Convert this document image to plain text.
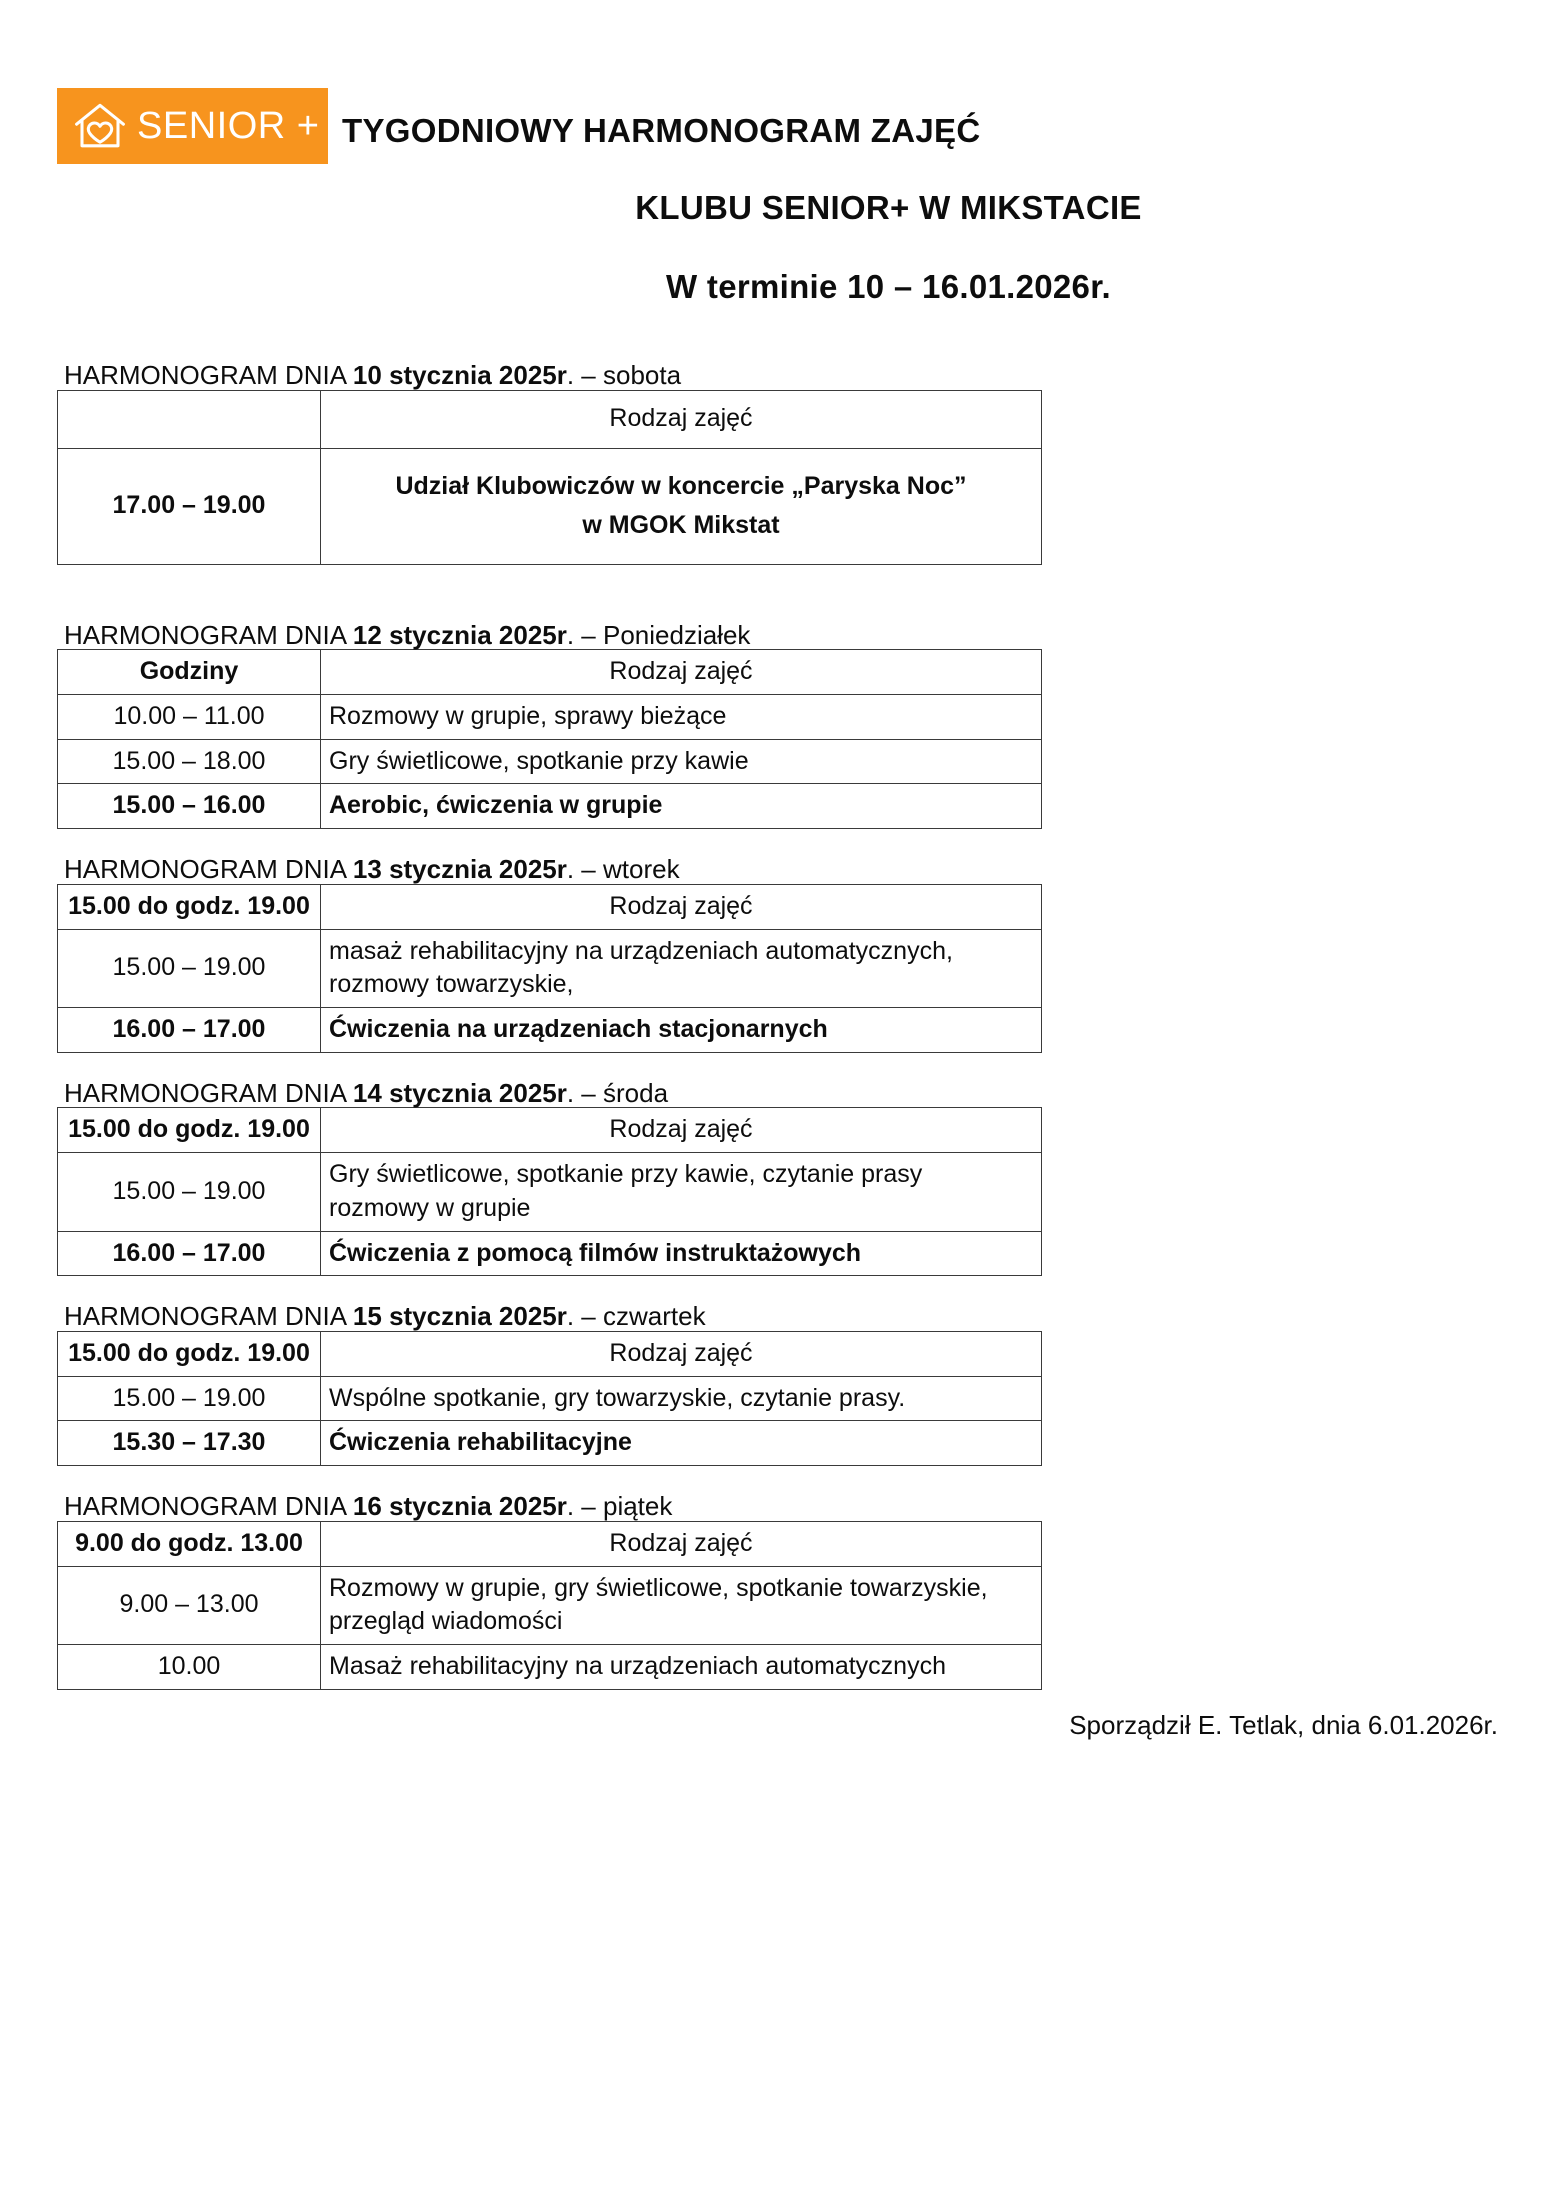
SENIOR + TYGODNIOWY HARMONOGRAM ZAJĘĆ
KLUBU SENIOR+ W MIKSTACIE
W terminie 10 – 16.01.2026r.
HARMONOGRAM DNIA 10 stycznia 2025r. – sobota
	Rodzaj zajęć
17.00 – 19.00	Udział Klubowiczów w koncercie „Paryska Noc”
w MGOK Mikstat
HARMONOGRAM DNIA 12 stycznia 2025r. – Poniedziałek
Godziny	Rodzaj zajęć
10.00 – 11.00	Rozmowy w grupie, sprawy bieżące

15.00 – 18.00	Gry świetlicowe, spotkanie przy kawie

15.00 – 16.00	Aerobic, ćwiczenia w grupie
HARMONOGRAM DNIA 13 stycznia 2025r. – wtorek
15.00 do godz. 19.00	Rodzaj zajęć
15.00 – 19.00	masaż rehabilitacyjny na urządzeniach automatycznych,
rozmowy towarzyskie,

16.00 – 17.00	Ćwiczenia na urządzeniach stacjonarnych
HARMONOGRAM DNIA 14 stycznia 2025r. – środa
15.00 do godz. 19.00	Rodzaj zajęć
15.00 – 19.00	Gry świetlicowe, spotkanie przy kawie, czytanie prasy
rozmowy w grupie

16.00 – 17.00	Ćwiczenia z pomocą filmów instruktażowych
HARMONOGRAM DNIA 15 stycznia 2025r. – czwartek
15.00 do godz. 19.00	Rodzaj zajęć
15.00 – 19.00	Wspólne spotkanie, gry towarzyskie, czytanie prasy.

15.30 – 17.30	Ćwiczenia rehabilitacyjne
HARMONOGRAM DNIA 16 stycznia 2025r. – piątek
9.00 do godz. 13.00	Rodzaj zajęć
9.00 – 13.00	Rozmowy w grupie, gry świetlicowe, spotkanie towarzyskie,
przegląd wiadomości

10.00	Masaż rehabilitacyjny na urządzeniach automatycznych
Sporządził E. Tetlak, dnia 6.01.2026r.
